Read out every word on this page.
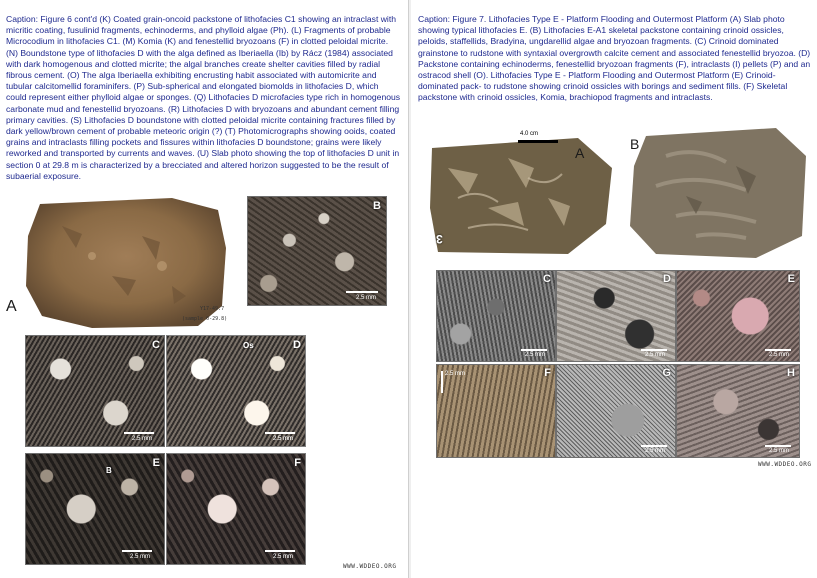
Caption: Figure 6 cont'd (K) Coated grain-oncoid packstone of lithofacies C1 showing an intraclast with micritic coating, fusulinid fragments, echinoderms, and phylloid algae (Ph). (L) Fragments of probable Microcodium in lithofacies C1. (M) Komia (K) and fenestellid bryozoans (F) in clotted peloidal micrite. (N) Boundstone type of lithofacies D with the alga defined as Iberiaella (Ib) by Rácz (1984) associated with dark homogenous and clotted micrite; the algal branches create shelter cavities filled by radial fibrous cement. (O) The alga Iberiaella exhibiting encrusting habit associated with automicrite and tubular calcitomellid foraminifers. (P) Sub-spherical and elongated biomolds in lithofacies D, which could represent either phylloid algae or sponges. (Q) Lithofacies D microfacies type rich in homogenous carbonate mud and fenestellid bryozoans. (R) Lithofacies D with bryozoans and abundant cement filling primary cavities. (S) Lithofacies D boundstone with clotted peloidal micrite containing fractures filled by dark yellow/brown cement of probable meteoric origin (?) (T) Photomicrographs showing ooids, coated grains and intraclasts filling pockets and fissures within lithofacies D boundstone; grains were likely reworked and transported by currents and waves. (U) Slab photo showing the top of lithofacies D unit in section 0 at 29.8 m is characterized by a brecciated and altered horizon suggested to be the result of subaerial exposure.
A	Y17-49.7
(sample 0-29.8)
B
2.5 mm
C
2.5 mm
D
Os
2.5 mm
E
B
2.5 mm
F
2.5 mm
WWW.WDDEO.ORG
Caption: Figure 7. Lithofacies Type E - Platform Flooding and Outermost Platform (A) Slab photo showing typical lithofacies E. (B) Lithofacies E-A1 skeletal packstone containing crinoid ossicles, peloids, staffellids, Bradyina, ungdarellid algae and bryozoan fragments. (C) Crinoid dominated grainstone to rudstone with syntaxial overgrowth calcite cement and associated fenestellid bryozoa. (D) Packstone containing echinoderms, fenestellid bryozoan fragments (F), intraclasts (I) pellets (P) and an ostracod shell (O). Lithofacies Type E - Platform Flooding and Outermost Platform (E) Crinoid-dominated pack- to rudstone showing crinoid ossicles with borings and sediment fills. (F) Skeletal packstone with crinoid ossicles, Komia, brachiopod fragments and intraclasts.
4.0 cm
A
3
B
C
2.5 mm
D
2.5 mm
E
2.5 mm
F
2.5 mm	G
2.5 mm
H
2.5 mm
WWW.WDDEO.ORG
